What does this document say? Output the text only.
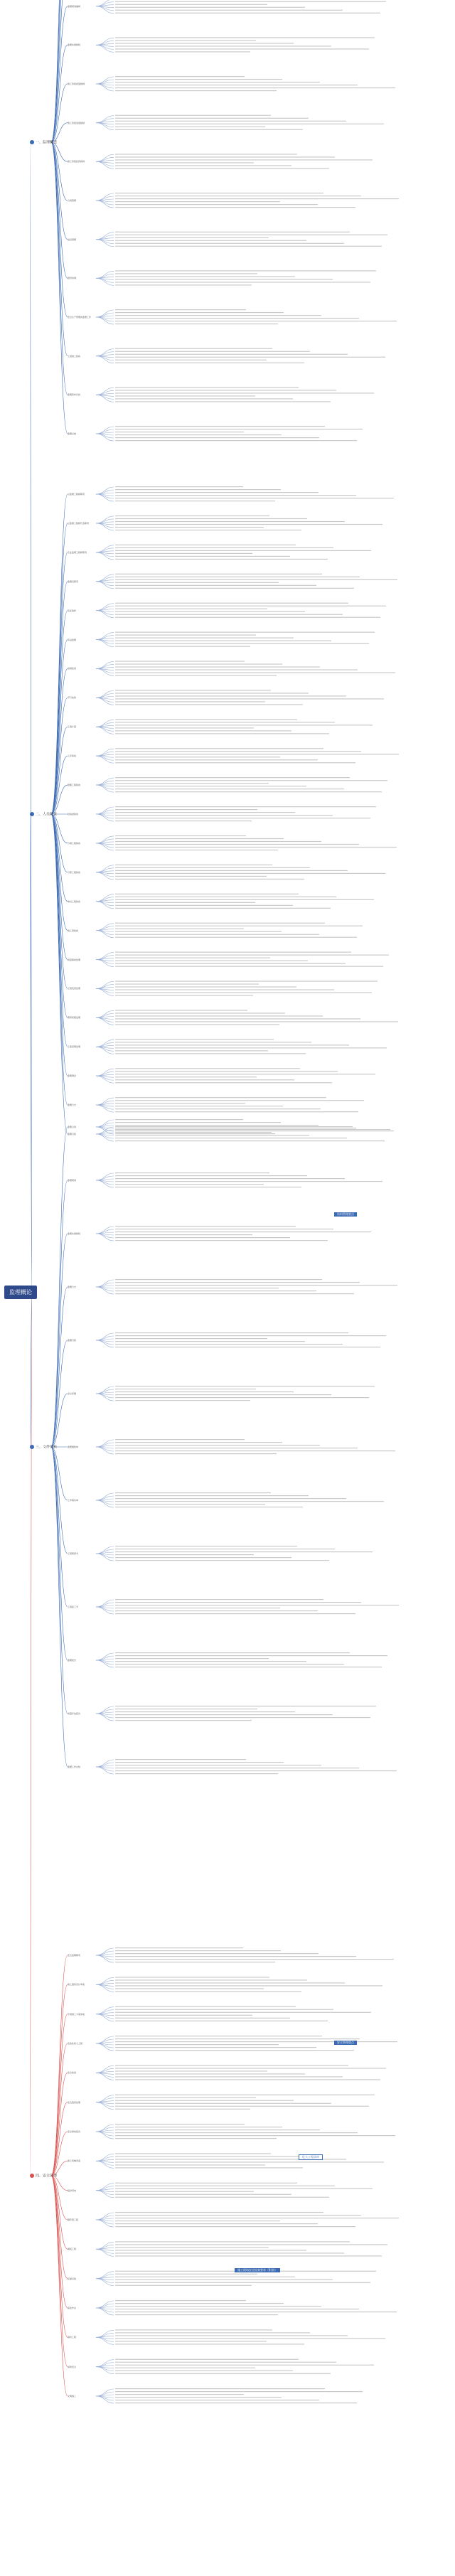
监理概论
一、监理概述
监理规划编制
监理实施细则
施工阶段质量控制
施工阶段进度控制
施工阶段投资控制
合同管理
信息管理
组织协调
安全生产管理的监理工作
工程竣工验收
监理资料归档
监理总结
二、人员职责
总监理工程师职责
总监理工程师代表职责
专业监理工程师职责
监理员职责
见证取样
旁站监理
巡视检查
平行检验
工程计量
工序验收
隐蔽工程验收
检验批验收
分项工程验收
分部工程验收
单位工程验收
竣工预验收
质量事故处理
工程变更处理
费用索赔处理
工程延期处理
监理例会
监理日志
监理月报
三、文件资料
监理合同
监理规划
监理实施细则
监理日志
监理月报
会议纪要
监理通知单
工作联系单
工程暂停令
工程复工令
监理报告
质量评估报告
监理工作总结
资料管理要点
四、安全管理
安全监理职责
施工组织设计审查
专项施工方案审查
危险性较大工程
安全检查
安全隐患处理
安全事故报告
施工机械设备
临时用电
脚手架工程
模板工程
起重吊装
高处作业
基坑工程
消防安全
文明施工
安全管理重点
危大工程清单
施工现场安全检查要求（附表）
